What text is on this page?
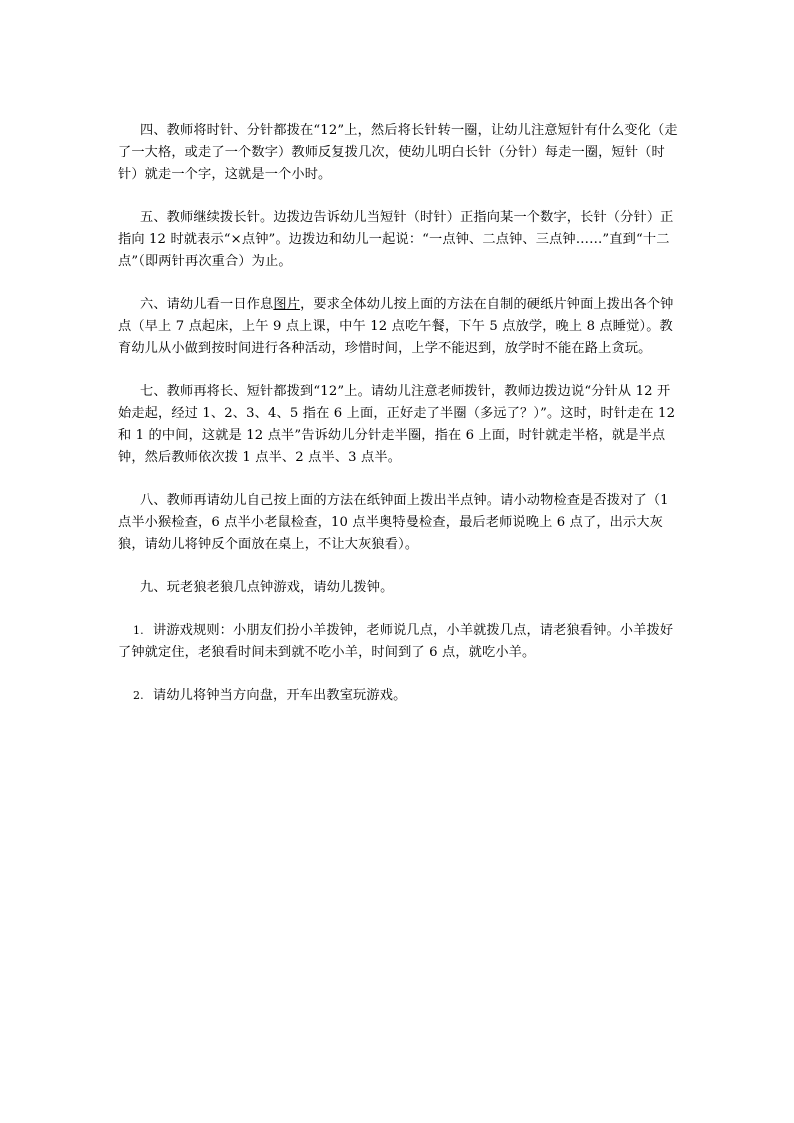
四、教师将时针、分针都拨在“12”上，然后将长针转一圈，让幼儿注意短针有什么变化（走了一大格，或走了一个数字）教师反复拨几次，使幼儿明白长针（分针）每走一圈，短针（时针）就走一个字，这就是一个小时。

五、教师继续拨长针。边拨边告诉幼儿当短针（时针）正指向某一个数字，长针（分针）正指向 12 时就表示“×点钟”。边拨边和幼儿一起说：“一点钟、二点钟、三点钟……”直到“十二点”（即两针再次重合）为止。

六、请幼儿看一日作息图片，要求全体幼儿按上面的方法在自制的硬纸片钟面上拨出各个钟点（早上 7 点起床，上午 9 点上课，中午 12 点吃午餐，下午 5 点放学，晚上 8 点睡觉）。教育幼儿从小做到按时间进行各种活动，珍惜时间，上学不能迟到，放学时不能在路上贪玩。

七、教师再将长、短针都拨到“12”上。请幼儿注意老师拨针，教师边拨边说“分针从 12 开始走起，经过 1、2、3、4、5 指在 6 上面，正好走了半圈（多远了？）”。这时，时针走在 12 和 1 的中间，这就是 12 点半”告诉幼儿分针走半圈，指在 6 上面，时针就走半格，就是半点钟，然后教师依次拨 1 点半、2 点半、3 点半。

八、教师再请幼儿自己按上面的方法在纸钟面上拨出半点钟。请小动物检查是否拨对了（1 点半小猴检查，6 点半小老鼠检查，10 点半奥特曼检查，最后老师说晚上 6 点了，出示大灰狼，请幼儿将钟反个面放在桌上，不让大灰狼看）。

九、玩老狼老狼几点钟游戏，请幼儿拨钟。

1. 讲游戏规则：小朋友们扮小羊拨钟，老师说几点，小羊就拨几点，请老狼看钟。小羊拨好了钟就定住，老狼看时间未到就不吃小羊，时间到了 6 点，就吃小羊。

2. 请幼儿将钟当方向盘，开车出教室玩游戏。
